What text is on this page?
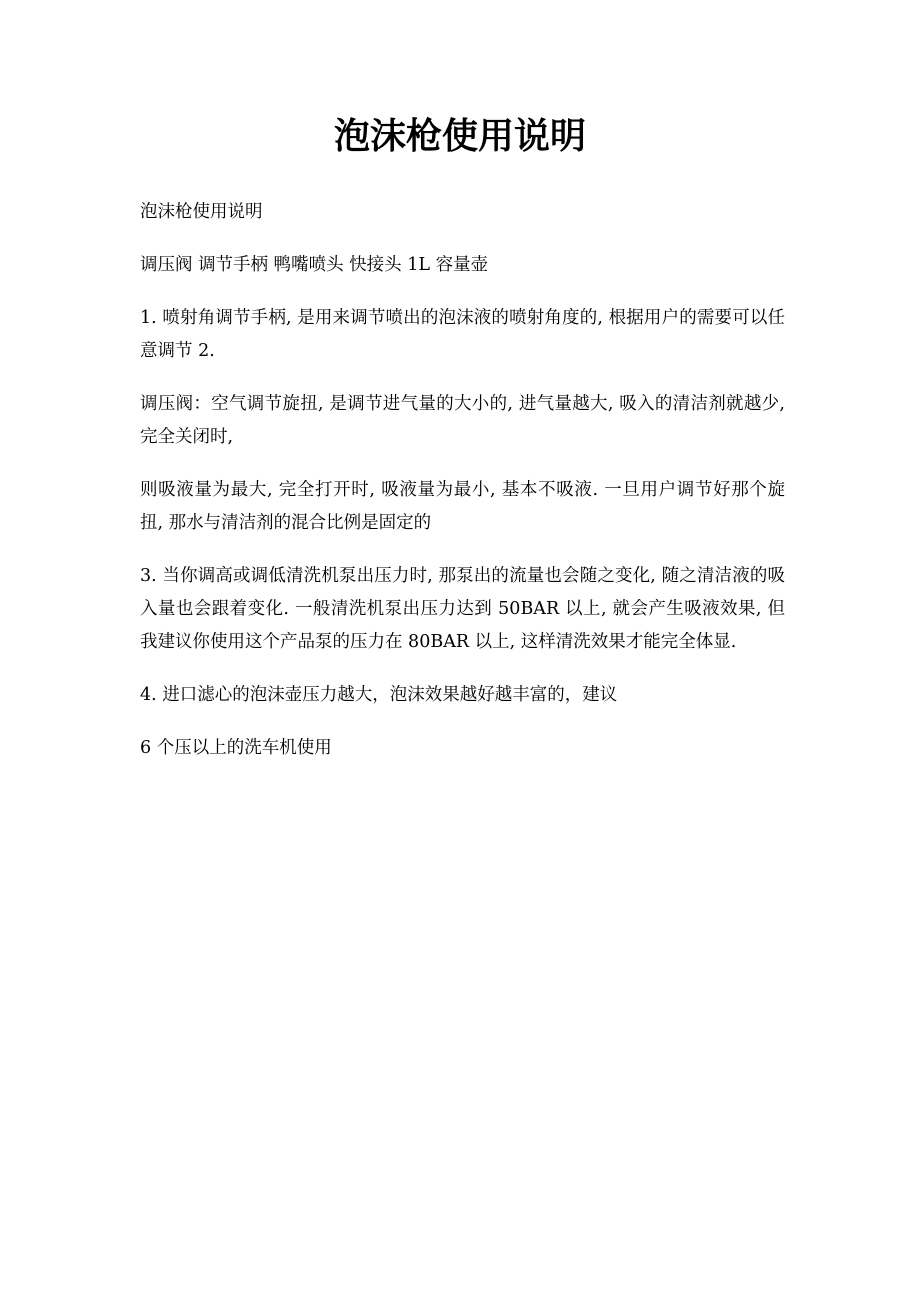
泡沫枪使用说明

泡沫枪使用说明

调压阀 调节手柄 鸭嘴喷头 快接头 1L 容量壶

1. 喷射角调节手柄, 是用来调节喷出的泡沫液的喷射角度的, 根据用户的需要可以任意调节 2.

调压阀：空气调节旋扭, 是调节进气量的大小的, 进气量越大, 吸入的清洁剂就越少,完全关闭时,

则吸液量为最大, 完全打开时, 吸液量为最小, 基本不吸液. 一旦用户调节好那个旋扭, 那水与清洁剂的混合比例是固定的

3. 当你调高或调低清洗机泵出压力时, 那泵出的流量也会随之变化, 随之清洁液的吸入量也会跟着变化. 一般清洗机泵出压力达到 50BAR 以上, 就会产生吸液效果, 但我建议你使用这个产品泵的压力在 80BAR 以上, 这样清洗效果才能完全体显.

4. 进口滤心的泡沫壶压力越大，泡沫效果越好越丰富的，建议

6 个压以上的洗车机使用
